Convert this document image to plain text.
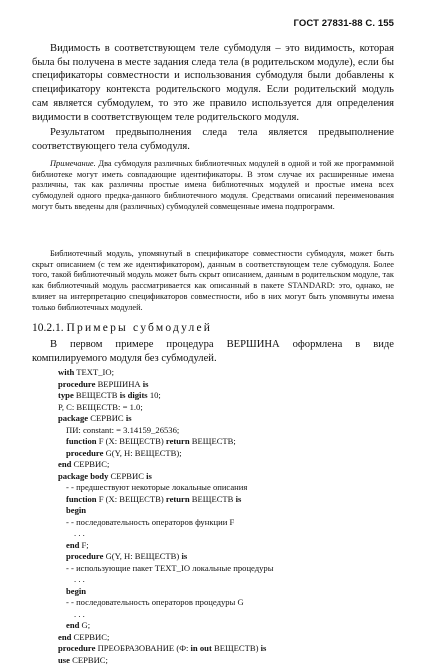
ГОСТ 27831-88 С. 155

Видимость в соответствующем теле субмодуля – это видимость, которая была бы получена в месте задания следа тела (в родительском модуле), если бы спецификаторы совместности и использования субмодуля были добавлены к спецификатору контекста родительского модуля. Если родительский модуль сам является субмодулем, то это же правило используется для определения видимости в соответствующем теле родительского модуля.

Результатом предвыполнения следа тела является предвыполнение соответствующего тела субмодуля.

Примечание. Два субмодуля различных библиотечных модулей в одной и той же программной библиотеке могут иметь совпадающие идентификаторы. В этом случае их расширенные имена различны, так как различны простые имена библиотечных модулей и простые имена всех субмодулей одного предка-данного библиотечного модуля. Средствами описаний переименования могут быть введены для (различных) субмодулей совмещенные имена подпрограмм.

Библиотечный модуль, упомянутый в спецификаторе совместности субмодуля, может быть скрыт описанием (с тем же идентификатором), данным в соответствующем теле субмодуля. Более того, такой библиотечный модуль может быть скрыт описанием, данным в родительском модуле, так как библиотечный модуль рассматривается как описанный в пакете STANDARD: это, однако, не влияет на интерпретацию спецификаторов совместности, ибо в них могут быть упомянуты имена только библиотечных модулей.

10.2.1. Примеры субмодулей

В первом примере процедура ВЕРШИНА оформлена в виде компилируемого модуля без субмодулей.

with TEXT_IO;
procedure ВЕРШИНА is
type ВЕЩЕСТВ is digits 10;
P, C: ВЕЩЕСТВ: = 1.0;
package СЕРВИС is
ПИ: constant: = 3.14159_26536;
function F (X: ВЕЩЕСТВ) return ВЕЩЕСТВ;
procedure G(Y, H: ВЕЩЕСТВ);
end СЕРВИС;
package body СЕРВИС is
- - предшествуют некоторые локальные описания
function F (X: ВЕЩЕСТВ) return ВЕЩЕСТВ is
begin
- - последовательность операторов функции F
. . .
end F;
procedure G(Y, H: ВЕЩЕСТВ) is
- - использующие пакет TEXT_IO локальные процедуры
. . .
begin
- - последовательность операторов процедуры G
. . .
end G;
end СЕРВИС;
procedure ПРЕОБРАЗОВАНИЕ (Ф: in out ВЕЩЕСТВ) is
use СЕРВИС;
